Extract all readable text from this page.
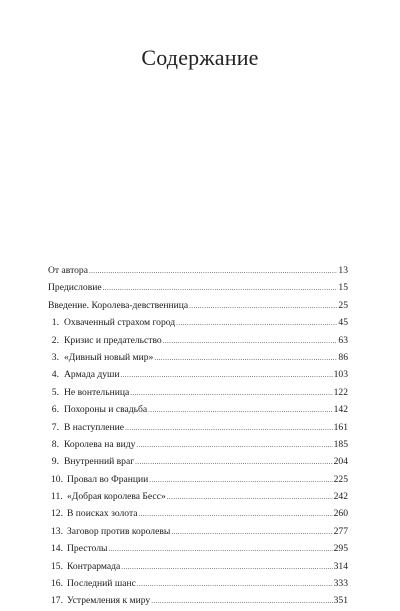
Содержание
От автора .....	13
Предисловие .....	15
Введение. Королева-девственница .....	25
1. Охваченный страхом город .....	45
2. Кризис и предательство .....	63
3. «Дивный новый мир» .....	86
4. Армада души .....	103
5. Не вонтельница .....	122
6. Похороны и свадьба .....	142
7. В наступление .....	161
8. Королева на виду .....	185
9. Внутренний враг .....	204
10. Провал во Франции .....	225
11. «Добрая королева Бесс» .....	242
12. В поисках золота .....	260
13. Заговор против королевы .....	277
14. Престолы .....	295
15. Контрармада .....	314
16. Последний шанс .....	333
17. Устремления к миру .....	351
